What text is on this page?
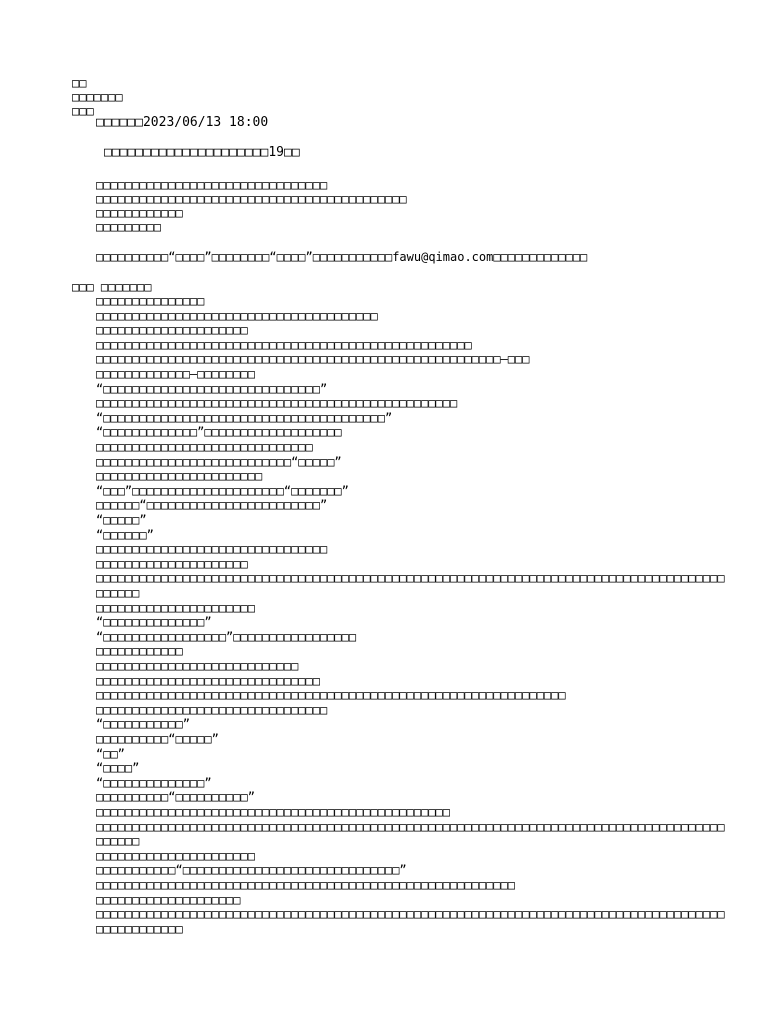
□□
□□□□□□□
□□□
□□□□□□2023/06/13 18:00
□□□□□□□□□□□□□□□□□□□□□19□□
□□□□□□□□□□□□□□□□□□□□□□□□□□□□□□□□
□□□□□□□□□□□□□□□□□□□□□□□□□□□□□□□□□□□□□□□□□□□
□□□□□□□□□□□□
□□□□□□□□□
□□□□□□□□□□“□□□□”□□□□□□□□“□□□□”□□□□□□□□□□□fawu@qimao.com□□□□□□□□□□□□□
□□□ □□□□□□□
□□□□□□□□□□□□□□□
□□□□□□□□□□□□□□□□□□□□□□□□□□□□□□□□□□□□□□□
□□□□□□□□□□□□□□□□□□□□□
□□□□□□□□□□□□□□□□□□□□□□□□□□□□□□□□□□□□□□□□□□□□□□□□□□□□
□□□□□□□□□□□□□□□□□□□□□□□□□□□□□□□□□□□□□□□□□□□□□□□□□□□□□□□□—□□□
□□□□□□□□□□□□□—□□□□□□□□
“□□□□□□□□□□□□□□□□□□□□□□□□□□□□□□”
□□□□□□□□□□□□□□□□□□□□□□□□□□□□□□□□□□□□□□□□□□□□□□□□□□
“□□□□□□□□□□□□□□□□□□□□□□□□□□□□□□□□□□□□□□□”
“□□□□□□□□□□□□□”□□□□□□□□□□□□□□□□□□□
□□□□□□□□□□□□□□□□□□□□□□□□□□□□□□
□□□□□□□□□□□□□□□□□□□□□□□□□□□“□□□□□”
□□□□□□□□□□□□□□□□□□□□□□□
“□□□”□□□□□□□□□□□□□□□□□□□□□“□□□□□□□”
□□□□□□“□□□□□□□□□□□□□□□□□□□□□□□□”
“□□□□□”
“□□□□□□”
□□□□□□□□□□□□□□□□□□□□□□□□□□□□□□□□
□□□□□□□□□□□□□□□□□□□□□
□□□□□□□□□□□□□□□□□□□□□□□□□□□□□□□□□□□□□□□□□□□□□□□□□□□□□□□□□□□□□□□□□□□□□□□□□□□□□□□□□□□□□□□□□□□□□
□□□□□□□□□□□□□□□□□□□□□□
“□□□□□□□□□□□□□□”
“□□□□□□□□□□□□□□□□□”□□□□□□□□□□□□□□□□□
□□□□□□□□□□□□
□□□□□□□□□□□□□□□□□□□□□□□□□□□□
□□□□□□□□□□□□□□□□□□□□□□□□□□□□□□□
□□□□□□□□□□□□□□□□□□□□□□□□□□□□□□□□□□□□□□□□□□□□□□□□□□□□□□□□□□□□□□□□□
□□□□□□□□□□□□□□□□□□□□□□□□□□□□□□□□
“□□□□□□□□□□□”
□□□□□□□□□□“□□□□□”
“□□”
“□□□□”
“□□□□□□□□□□□□□□”
□□□□□□□□□□“□□□□□□□□□□”
□□□□□□□□□□□□□□□□□□□□□□□□□□□□□□□□□□□□□□□□□□□□□□□□□
□□□□□□□□□□□□□□□□□□□□□□□□□□□□□□□□□□□□□□□□□□□□□□□□□□□□□□□□□□□□□□□□□□□□□□□□□□□□□□□□□□□□□□□□□□□□□
□□□□□□□□□□□□□□□□□□□□□□
□□□□□□□□□□□“□□□□□□□□□□□□□□□□□□□□□□□□□□□□□□”
□□□□□□□□□□□□□□□□□□□□□□□□□□□□□□□□□□□□□□□□□□□□□□□□□□□□□□□□□□
□□□□□□□□□□□□□□□□□□□□
□□□□□□□□□□□□□□□□□□□□□□□□□□□□□□□□□□□□□□□□□□□□□□□□□□□□□□□□□□□□□□□□□□□□□□□□□□□□□□□□□□□□□□□□□□□□□□□□□□□
